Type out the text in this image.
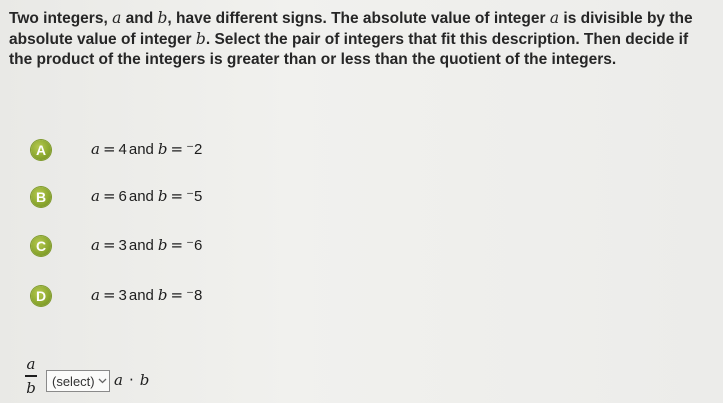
Two integers, a and b, have different signs. The absolute value of integer a is divisible by the absolute value of integer b. Select the pair of integers that fit this description. Then decide if the product of the integers is greater than or less than the quotient of the integers.
A	a = 4 and b = ⁻2
B	a = 6 and b = ⁻5
C	a = 3 and b = ⁻6
D	a = 3 and b = ⁻8
a
b	(select) a · b
